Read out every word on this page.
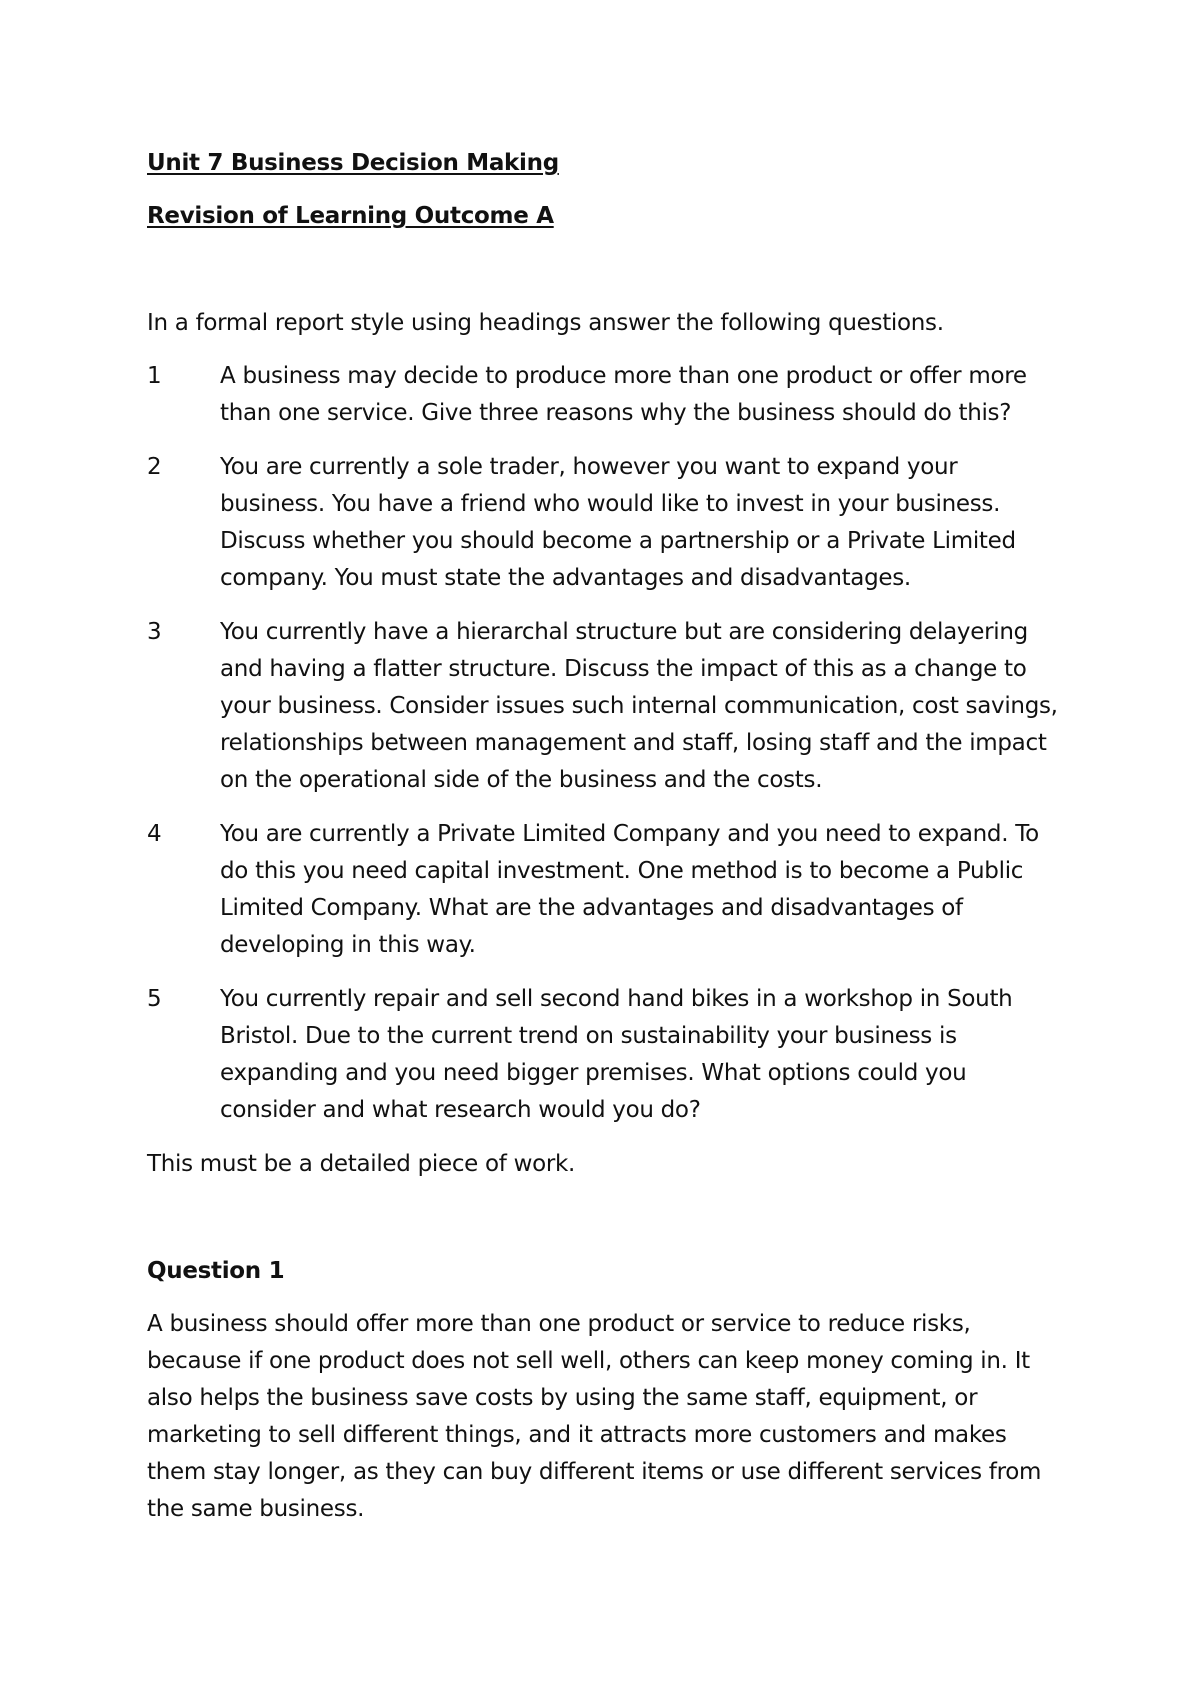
Unit 7 Business Decision Making

Revision of Learning Outcome A

In a formal report style using headings answer the following questions.

1	A business may decide to produce more than one product or offer more than one service. Give three reasons why the business should do this?
2	You are currently a sole trader, however you want to expand your business. You have a friend who would like to invest in your business. Discuss whether you should become a partnership or a Private Limited company. You must state the advantages and disadvantages.
3	You currently have a hierarchal structure but are considering delayering and having a flatter structure. Discuss the impact of this as a change to your business. Consider issues such internal communication, cost savings, relationships between management and staff, losing staff and the impact on the operational side of the business and the costs.
4	You are currently a Private Limited Company and you need to expand. To do this you need capital investment. One method is to become a Public Limited Company. What are the advantages and disadvantages of developing in this way.
5	You currently repair and sell second hand bikes in a workshop in South Bristol. Due to the current trend on sustainability your business is expanding and you need bigger premises. What options could you consider and what research would you do?

This must be a detailed piece of work.

Question 1

A business should offer more than one product or service to reduce risks, because if one product does not sell well, others can keep money coming in. It also helps the business save costs by using the same staff, equipment, or marketing to sell different things, and it attracts more customers and makes them stay longer, as they can buy different items or use different services from the same business.
